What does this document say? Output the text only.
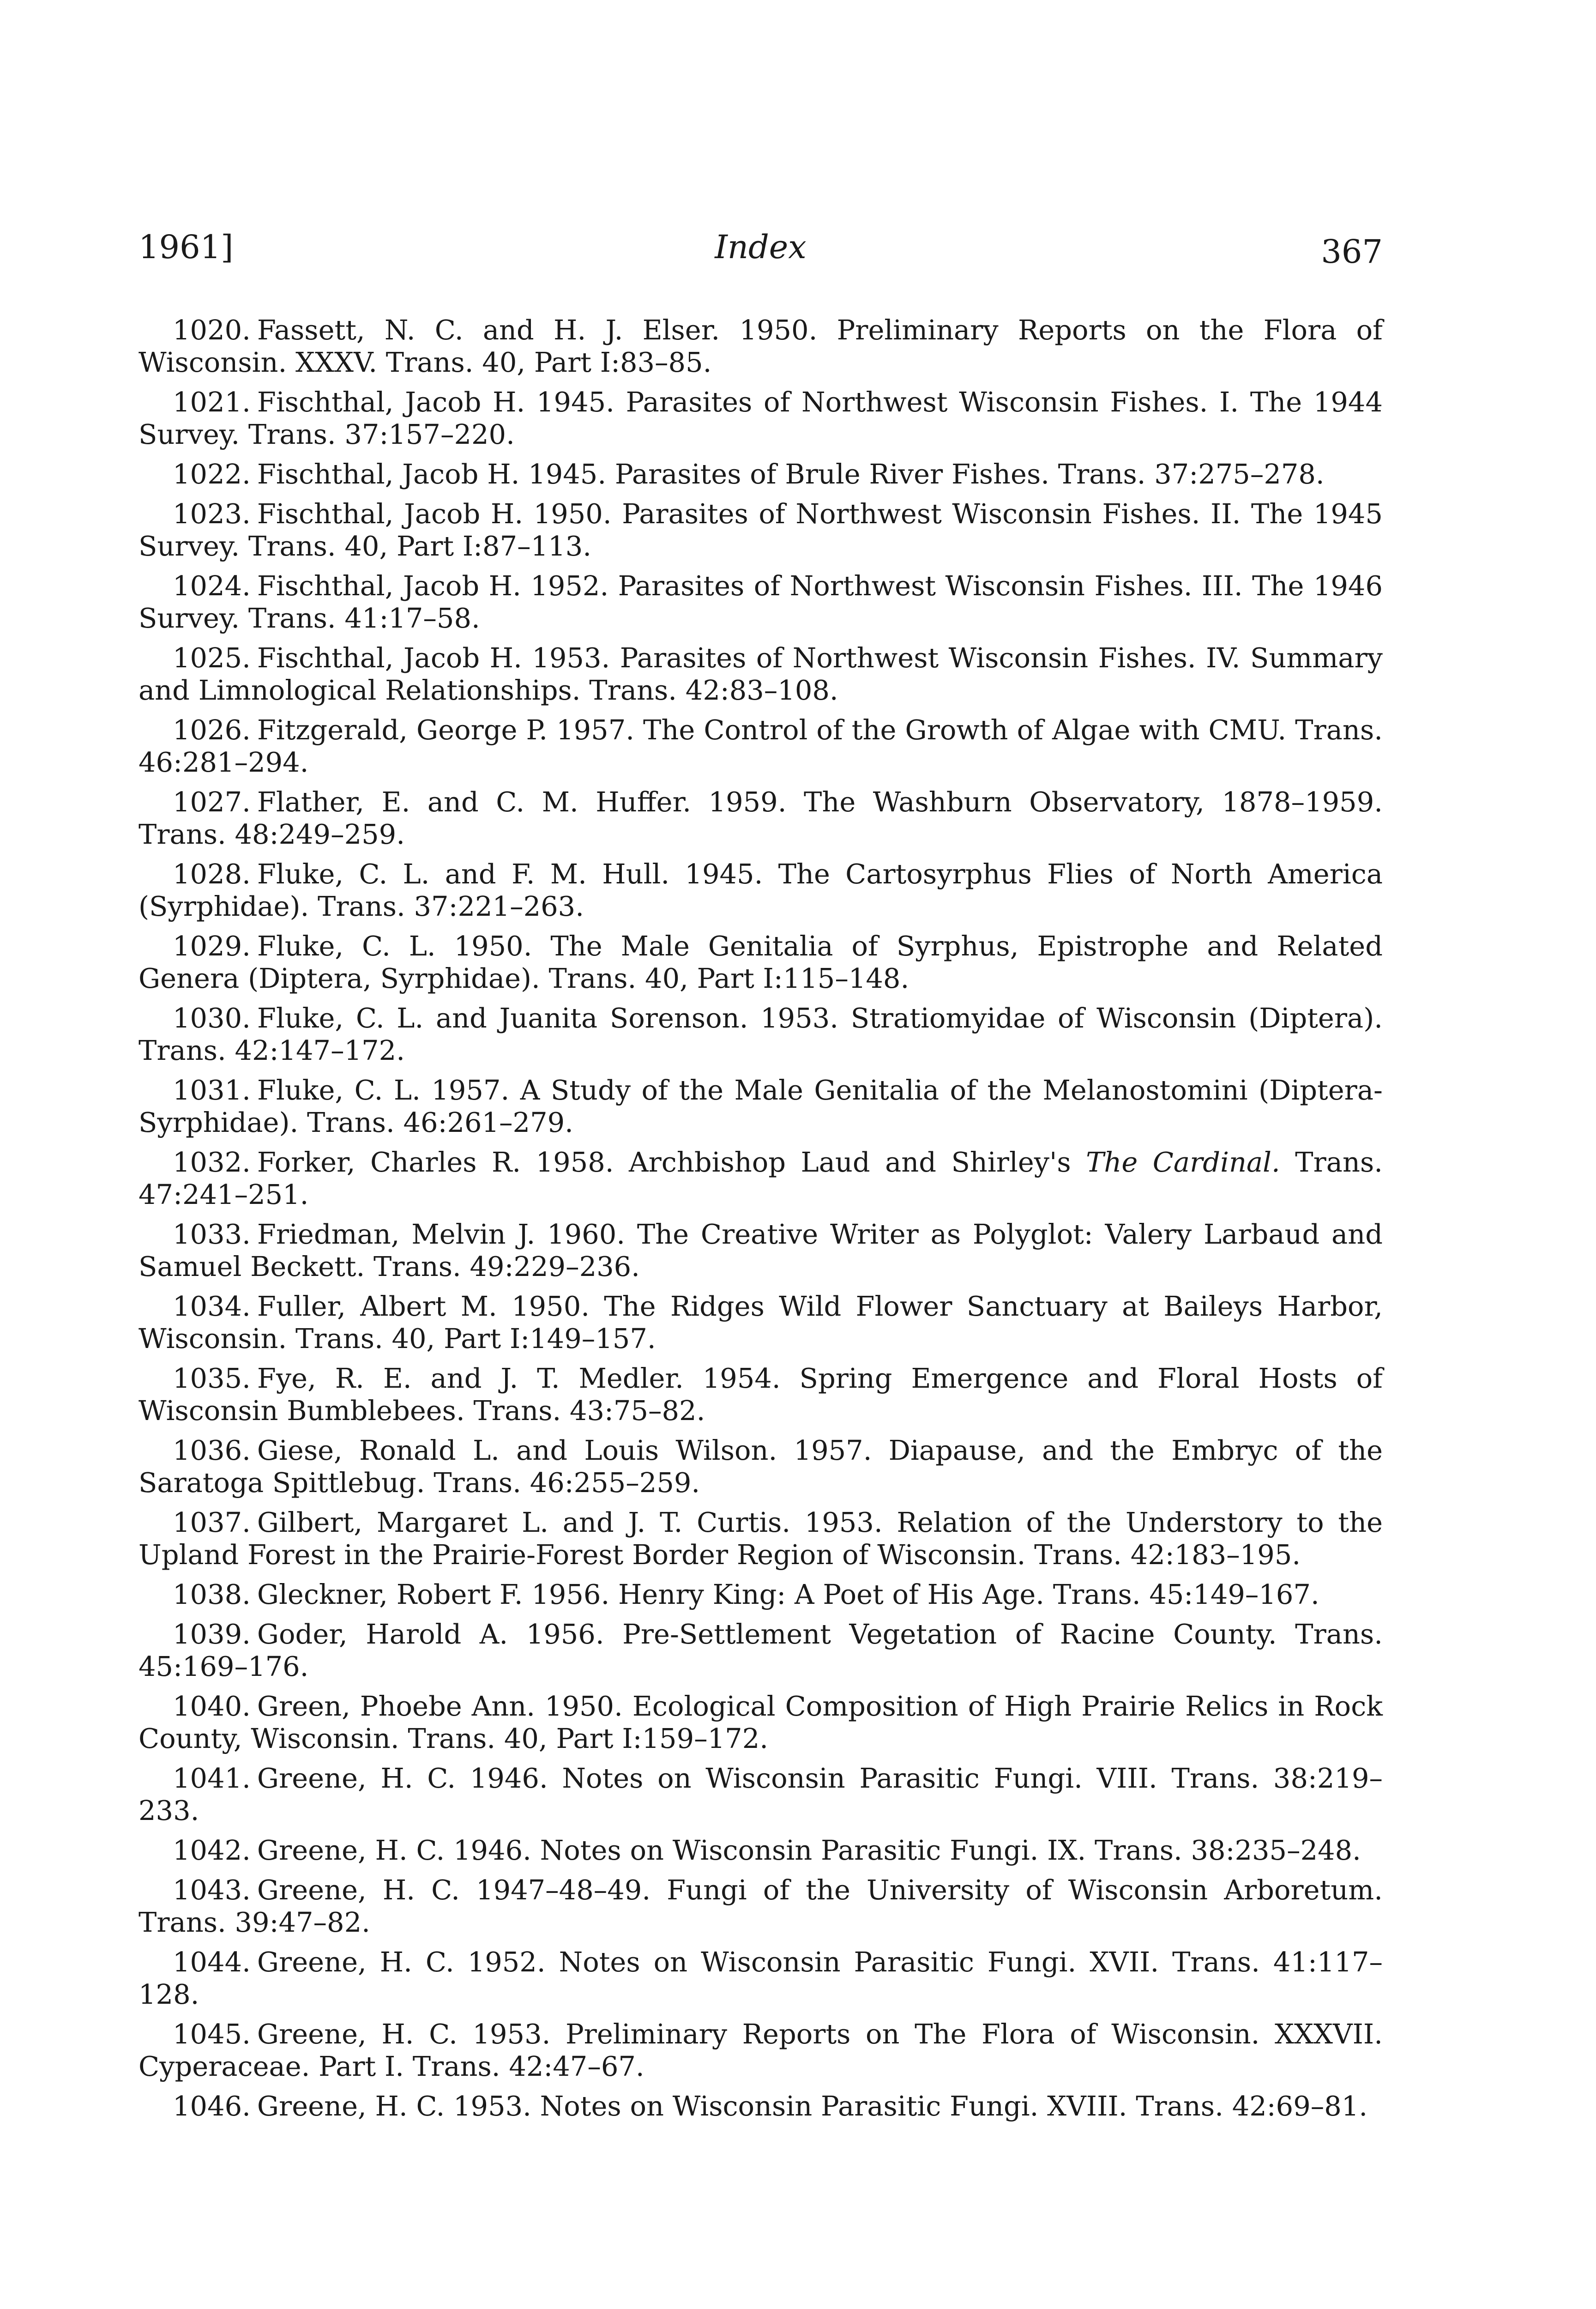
1961]	Index	367

1020. Fassett, N. C. and H. J. Elser. 1950. Preliminary Reports on the Flora of Wisconsin. XXXV. Trans. 40, Part I:83–85.

1021. Fischthal, Jacob H. 1945. Parasites of Northwest Wisconsin Fishes. I. The 1944 Survey. Trans. 37:157–220.

1022. Fischthal, Jacob H. 1945. Parasites of Brule River Fishes. Trans. 37:275–278.

1023. Fischthal, Jacob H. 1950. Parasites of Northwest Wisconsin Fishes. II. The 1945 Survey. Trans. 40, Part I:87–113.

1024. Fischthal, Jacob H. 1952. Parasites of Northwest Wisconsin Fishes. III. The 1946 Survey. Trans. 41:17–58.

1025. Fischthal, Jacob H. 1953. Parasites of Northwest Wisconsin Fishes. IV. Summary and Limnological Relationships. Trans. 42:83–108.

1026. Fitzgerald, George P. 1957. The Control of the Growth of Algae with CMU. Trans. 46:281–294.

1027. Flather, E. and C. M. Huffer. 1959. The Washburn Observatory, 1878–1959. Trans. 48:249–259.

1028. Fluke, C. L. and F. M. Hull. 1945. The Cartosyrphus Flies of North America (Syrphidae). Trans. 37:221–263.

1029. Fluke, C. L. 1950. The Male Genitalia of Syrphus, Epistrophe and Related Genera (Diptera, Syrphidae). Trans. 40, Part I:115–148.

1030. Fluke, C. L. and Juanita Sorenson. 1953. Stratiomyidae of Wisconsin (Diptera). Trans. 42:147–172.

1031. Fluke, C. L. 1957. A Study of the Male Genitalia of the Melanostomini (Diptera-Syrphidae). Trans. 46:261–279.

1032. Forker, Charles R. 1958. Archbishop Laud and Shirley's The Cardinal. Trans. 47:241–251.

1033. Friedman, Melvin J. 1960. The Creative Writer as Polyglot: Valery Larbaud and Samuel Beckett. Trans. 49:229–236.

1034. Fuller, Albert M. 1950. The Ridges Wild Flower Sanctuary at Baileys Harbor, Wisconsin. Trans. 40, Part I:149–157.

1035. Fye, R. E. and J. T. Medler. 1954. Spring Emergence and Floral Hosts of Wisconsin Bumblebees. Trans. 43:75–82.

1036. Giese, Ronald L. and Louis Wilson. 1957. Diapause, and the Embryc of the Saratoga Spittlebug. Trans. 46:255–259.

1037. Gilbert, Margaret L. and J. T. Curtis. 1953. Relation of the Understory to the Upland Forest in the Prairie-Forest Border Region of Wisconsin. Trans. 42:183–195.

1038. Gleckner, Robert F. 1956. Henry King: A Poet of His Age. Trans. 45:149–167.

1039. Goder, Harold A. 1956. Pre-Settlement Vegetation of Racine County. Trans. 45:169–176.

1040. Green, Phoebe Ann. 1950. Ecological Composition of High Prairie Relics in Rock County, Wisconsin. Trans. 40, Part I:159–172.

1041. Greene, H. C. 1946. Notes on Wisconsin Parasitic Fungi. VIII. Trans. 38:219–233.

1042. Greene, H. C. 1946. Notes on Wisconsin Parasitic Fungi. IX. Trans. 38:235–248.

1043. Greene, H. C. 1947–48–49. Fungi of the University of Wisconsin Arboretum. Trans. 39:47–82.

1044. Greene, H. C. 1952. Notes on Wisconsin Parasitic Fungi. XVII. Trans. 41:117–128.

1045. Greene, H. C. 1953. Preliminary Reports on The Flora of Wisconsin. XXXVII. Cyperaceae. Part I. Trans. 42:47–67.

1046. Greene, H. C. 1953. Notes on Wisconsin Parasitic Fungi. XVIII. Trans. 42:69–81.
